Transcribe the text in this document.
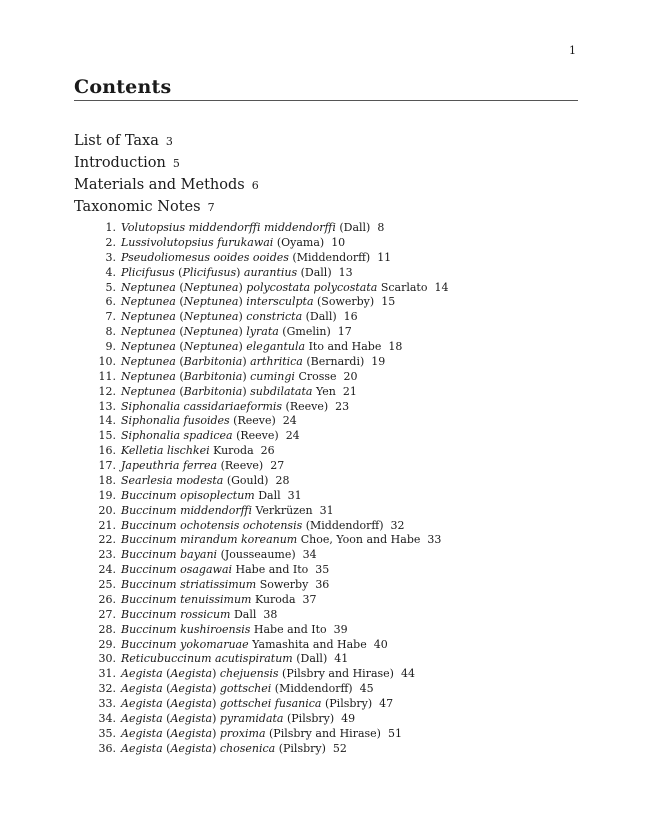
1
Contents
List of Taxa 3
Introduction 5
Materials and Methods 6
Taxonomic Notes 7
1. Volutopsius middendorffi middendorffi (Dall) 8
2. Lussivolutopsius furukawai (Oyama) 10
3. Pseudoliomesus ooides ooides (Middendorff) 11
4. Plicifusus (Plicifusus) aurantius (Dall) 13
5. Neptunea (Neptunea) polycostata polycostata Scarlato 14
6. Neptunea (Neptunea) intersculpta (Sowerby) 15
7. Neptunea (Neptunea) constricta (Dall) 16
8. Neptunea (Neptunea) lyrata (Gmelin) 17
9. Neptunea (Neptunea) elegantula Ito and Habe 18
10. Neptunea (Barbitonia) arthritica (Bernardi) 19
11. Neptunea (Barbitonia) cumingi Crosse 20
12. Neptunea (Barbitonia) subdilatata Yen 21
13. Siphonalia cassidariaeformis (Reeve) 23
14. Siphonalia fusoides (Reeve) 24
15. Siphonalia spadicea (Reeve) 24
16. Kelletia lischkei Kuroda 26
17. Japeuthria ferrea (Reeve) 27
18. Searlesia modesta (Gould) 28
19. Buccinum opisoplectum Dall 31
20. Buccinum middendorffi Verkrüzen 31
21. Buccinum ochotensis ochotensis (Middendorff) 32
22. Buccinum mirandum koreanum Choe, Yoon and Habe 33
23. Buccinum bayani (Jousseaume) 34
24. Buccinum osagawai Habe and Ito 35
25. Buccinum striatissimum Sowerby 36
26. Buccinum tenuissimum Kuroda 37
27. Buccinum rossicum Dall 38
28. Buccinum kushiroensis Habe and Ito 39
29. Buccinum yokomaruae Yamashita and Habe 40
30. Reticubuccinum acutispiratum (Dall) 41
31. Aegista (Aegista) chejuensis (Pilsbry and Hirase) 44
32. Aegista (Aegista) gottschei (Middendorff) 45
33. Aegista (Aegista) gottschei fusanica (Pilsbry) 47
34. Aegista (Aegista) pyramidata (Pilsbry) 49
35. Aegista (Aegista) proxima (Pilsbry and Hirase) 51
36. Aegista (Aegista) chosenica (Pilsbry) 52
